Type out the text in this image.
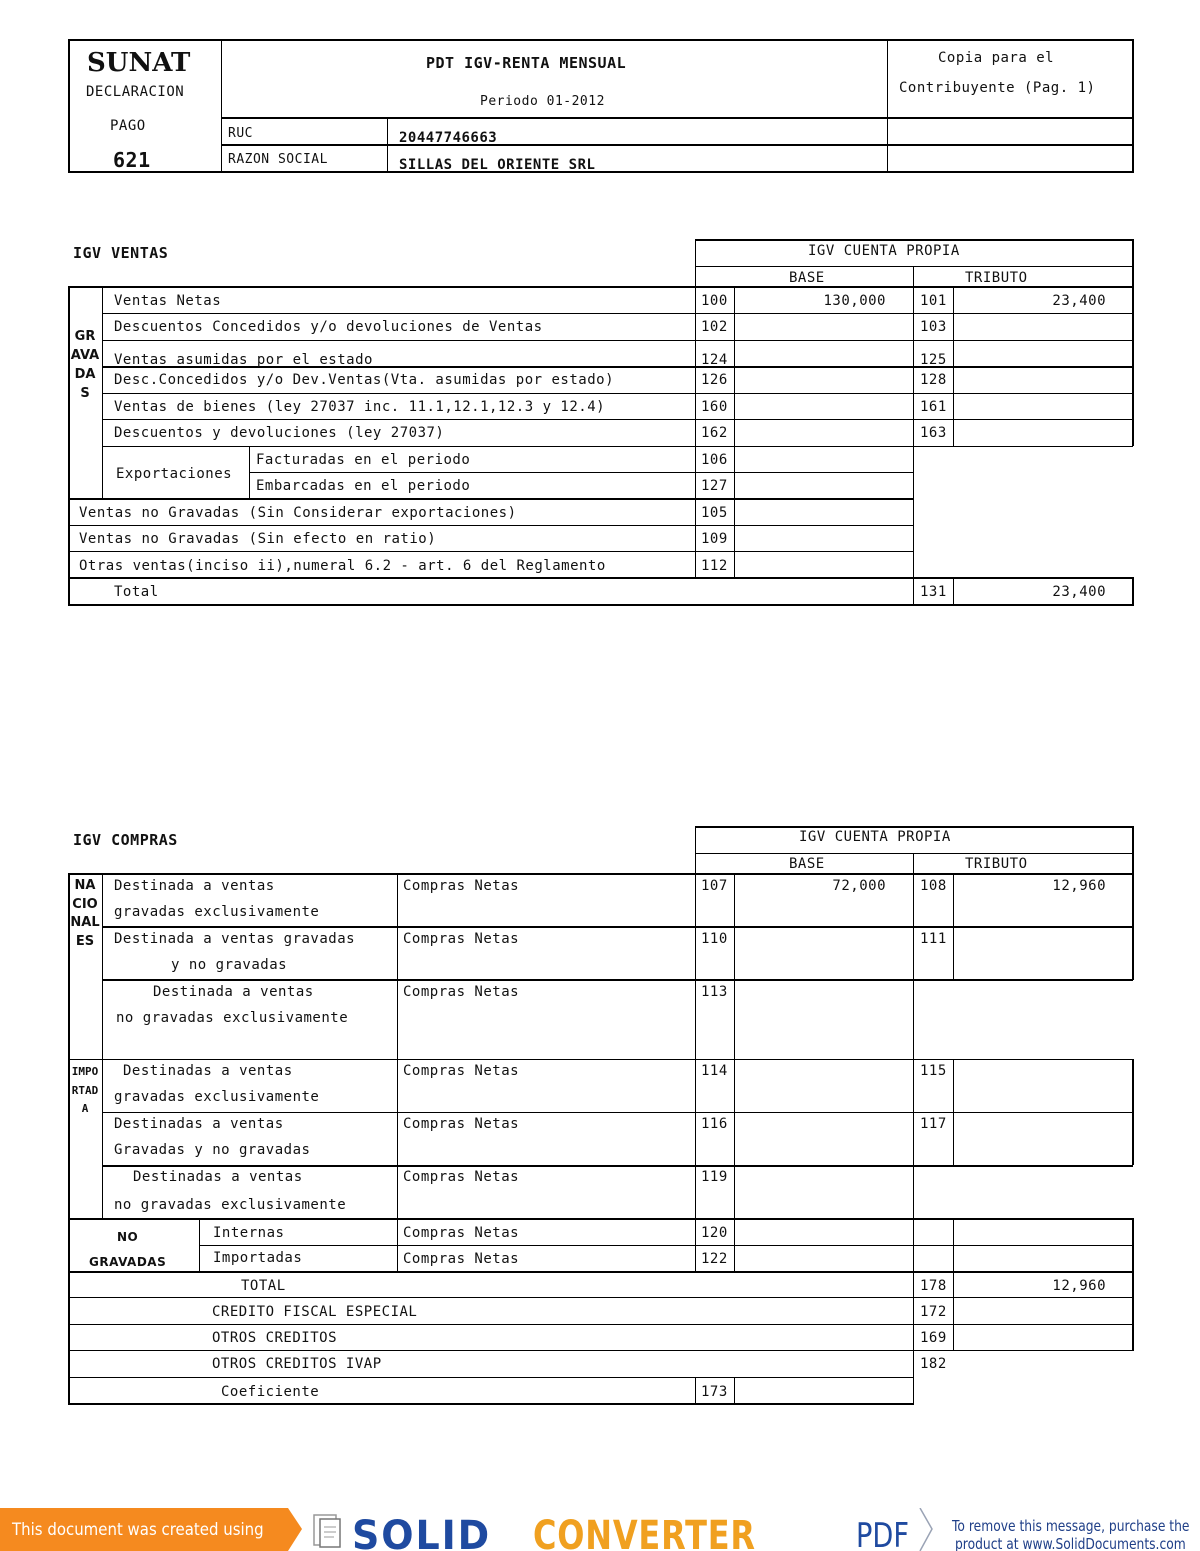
SUNAT
DECLARACION
PAGO
621
PDT IGV-RENTA MENSUAL
Periodo 01-2012
Copia para el
Contribuyente (Pag. 1)
RUC	20447746663
RAZON SOCIAL	SILLAS DEL ORIENTE SRL
IGV VENTAS	IGV CUENTA PROPIA
BASE	TRIBUTO
GRAVADAS
Ventas Netas	100	130,000 101	23,400
Descuentos Concedidos y/o devoluciones de Ventas	102	103
Ventas asumidas por el estado	124	125
Desc.Concedidos y/o Dev.Ventas(Vta. asumidas por estado)	126	128
Ventas de bienes (ley 27037 inc. 11.1,12.1,12.3 y 12.4)	160	161
Descuentos y devoluciones (ley 27037)	162	163
Exportaciones
Facturadas en el periodo	106
Embarcadas en el periodo	127
Ventas no Gravadas (Sin Considerar exportaciones)	105
Ventas no Gravadas (Sin efecto en ratio)	109
Otras ventas(inciso ii),numeral 6.2 - art. 6 del Reglamento	112
Total	131	23,400
IGV COMPRAS	IGV CUENTA PROPIA
BASE	TRIBUTO
NACIONALES
IMPORTADA
Destinada a ventas
gravadas exclusivamente
Compras Netas	107	72,000 108	12,960
Destinada a ventas gravadas
y no gravadas
Compras Netas	110	111
Destinada a ventas
no gravadas exclusivamente
Compras Netas	113
Destinadas a ventas
gravadas exclusivamente
Compras Netas	114	115
Destinadas a ventas
Gravadas y no gravadas
Compras Netas	116	117
Destinadas a ventas
no gravadas exclusivamente
Compras Netas	119
NO
GRAVADAS
Internas	Compras Netas	120
Importadas	Compras Netas	122
TOTAL	178	12,960
CREDITO FISCAL ESPECIAL	172
OTROS CREDITOS	169
OTROS CREDITOS IVAP	182
Coeficiente	173
This document was created using SOLID CONVERTER	PDF	To remove this message, purchase the
product at www.SolidDocuments.com
